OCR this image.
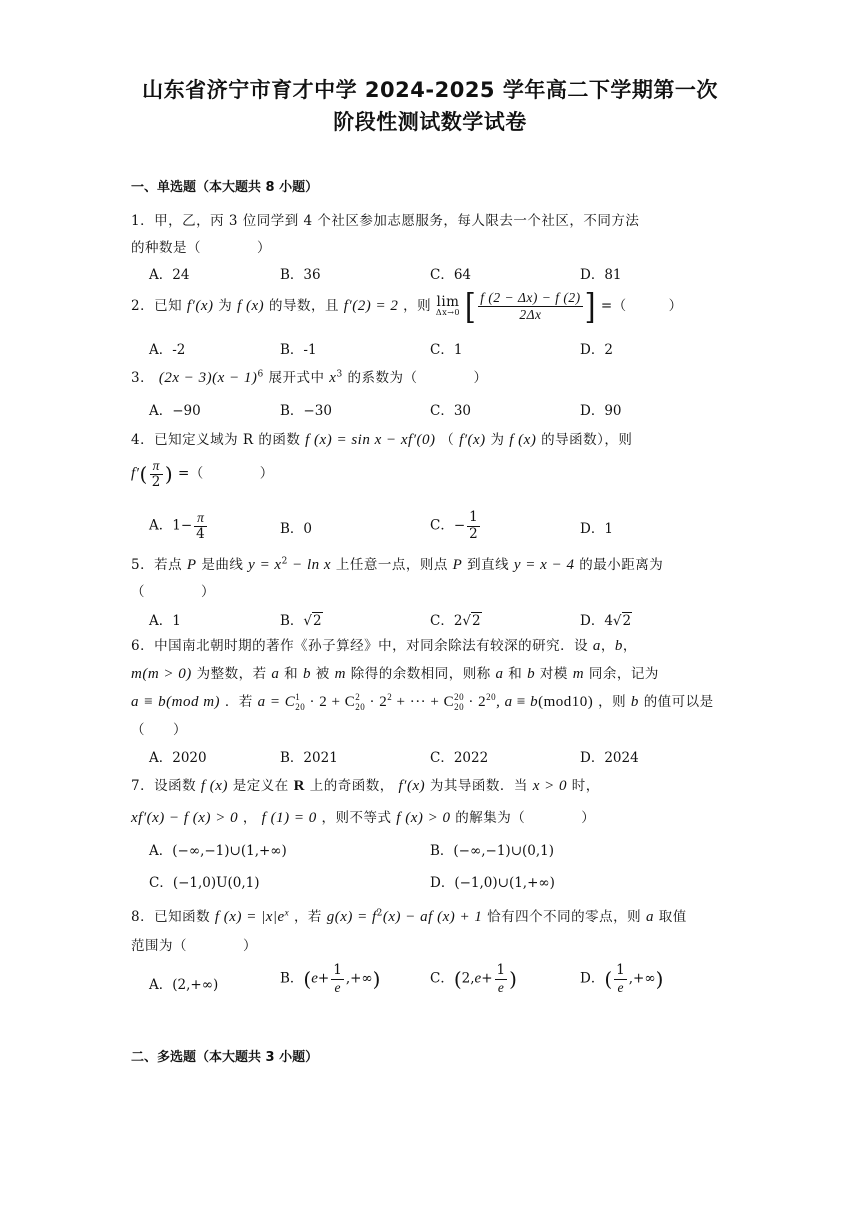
山东省济宁市育才中学 2024-2025 学年高二下学期第一次
阶段性测试数学试卷
一、单选题（本大题共 8 小题）
1．甲，乙，丙 3 位同学到 4 个社区参加志愿服务，每人限去一个社区，不同方法
的种数是（　　　　）
A．24	B．36	C．64	D．81
2．已知 f′(x) 为 f (x) 的导数，且 f′(2) = 2 ，则 lim
Δx→0 [ $\frac{f (2 - \Delta x) - f (2)}{2\Delta x}$ ] =（　　　）
A．-2	B．-1	C．1	D．2
3． $(2x - 3)(x - 1)^6$ 展开式中 $x^3$ 的系数为（　　　　）
A．−90	B．−30	C．30	D．90
4．已知定义域为 R 的函数 f (x) = sin x − xf′(0) （ f′(x) 为 f (x) 的导函数），则
$f'( \frac{\pi}{2}$ ) =（　　　　）
A．$1- \frac{\pi}{4}$	B．0	C．− $\frac{1}{2}$	D．1
5．若点 P 是曲线 $y = x^2 - \ln x$ 上任意一点，则点 P 到直线 y = x − 4 的最小距离为
（　　　　）
A．1	B．√2	C．2√2	D．4√2
6．中国南北朝时期的著作《孙子算经》中，对同余除法有较深的研究．设 a，b，
m(m > 0) 为整数，若 a 和 b 被 m 除得的余数相同，则称 a 和 b 对模 m 同余，记为
a ≡ b(mod m) ．若 $a = C^1_{20} \cdot 2 + C^2_{20} \cdot 2^2$ + ··· + $C^{20}_{20} \cdot 2^{20}$, a ≡ b(mod10) ，则 b 的值可以是
（　　）
A．2020	B．2021	C．2022	D．2024
7．设函数 f (x) 是定义在 R 上的奇函数， f′(x) 为其导函数．当 x > 0 时，
xf′(x) − f (x) > 0 ， f (1) = 0 ，则不等式 f (x) > 0 的解集为（　　　　）
A．(−∞,−1)∪(1,+∞)	B．(−∞,−1)∪(0,1)
C．(−1,0)U(0,1)	D．(−1,0)∪(1,+∞)
8．已知函数 f $(x) = |x|e^x$ ，若 $g(x) = f^2(x)$ − af (x) + 1 恰有四个不同的零点，则 a 取值
范围为（　　　　）
A．(2,+∞)	B．($e+ \frac{1}{e}$ ,+∞)	C．($2,e+ \frac{1}{e}$ )	D．( $\frac{1}{e}$ ,+∞)
二、多选题（本大题共 3 小题）
